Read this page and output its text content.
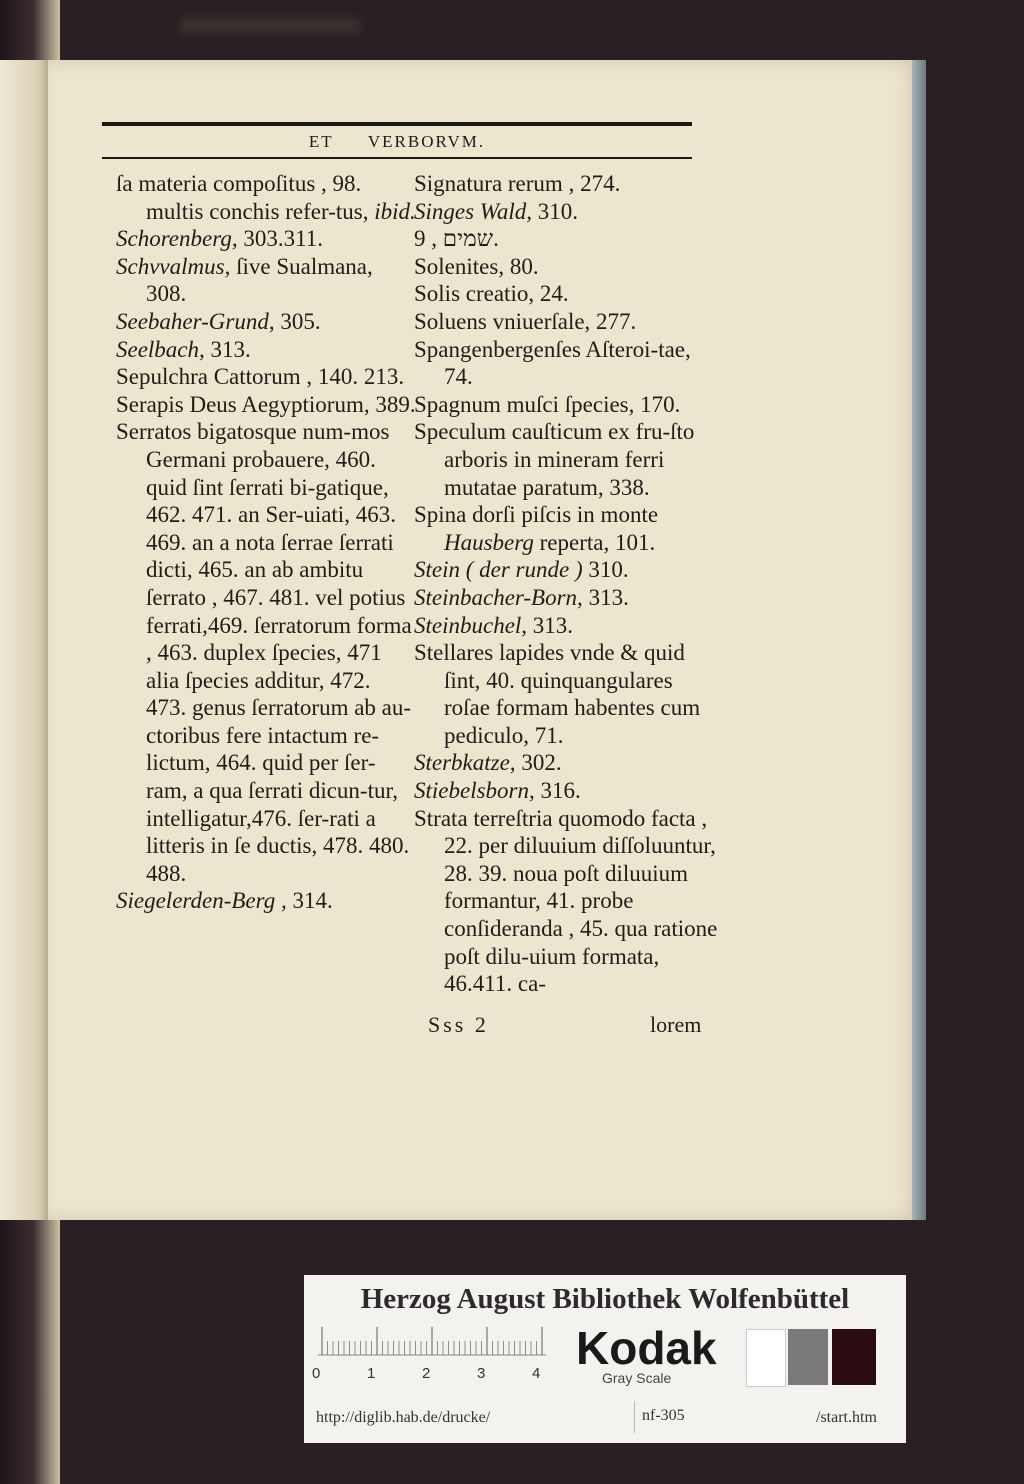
ET VERBORVM.

ſa materia compoſitus , 98. multis conchis refer-tus, ibid.

Schorenberg, 303.311.

Schvvalmus, ſive Sualmana, 308.

Seebaher-Grund, 305.

Seelbach, 313.

Sepulchra Cattorum , 140. 213.

Serapis Deus Aegyptiorum, 389.

Serratos bigatosque num-mos Germani probauere, 460. quid ſint ſerrati bi-gatique, 462. 471. an Ser-uiati, 463. 469. an a nota ſerrae ſerrati dicti, 465. an ab ambitu ſerrato , 467. 481. vel potius ferrati,469. ſerratorum forma , 463. duplex ſpecies, 471 alia ſpecies additur, 472. 473. genus ſerratorum ab au-ctoribus fere intactum re-lictum, 464. quid per ſer-ram, a qua ſerrati dicun-tur, intelligatur,476. ſer-rati a litteris in ſe ductis, 478. 480. 488.

Siegelerden-Berg , 314.

Signatura rerum , 274.

Singes Wald, 310.

שמים , 9.

Solenites, 80.

Solis creatio, 24.

Soluens vniuerſale, 277.

Spangenbergenſes Aſteroi-tae, 74.

Spagnum muſci ſpecies, 170.

Speculum cauſticum ex fru-ſto arboris in mineram ferri mutatae paratum, 338.

Spina dorſi piſcis in monte Hausberg reperta, 101.

Stein ( der runde ) 310.

Steinbacher-Born, 313.

Steinbuchel, 313.

Stellares lapides vnde & quid ſint, 40. quinquangulares roſae formam habentes cum pediculo, 71.

Sterbkatze, 302.

Stiebelsborn, 316.

Strata terreſtria quomodo facta , 22. per diluuium diſſoluuntur, 28. 39. noua poſt diluuium formantur, 41. probe conſideranda , 45. qua ratione poſt dilu-uium formata, 46.411. ca-

Sss 2	lorem
Herzog August Bibliothek Wolfenbüttel
0	1	2	3	4 Kodak
Gray Scale
http://diglib.hab.de/drucke/	nf-305	/start.htm
